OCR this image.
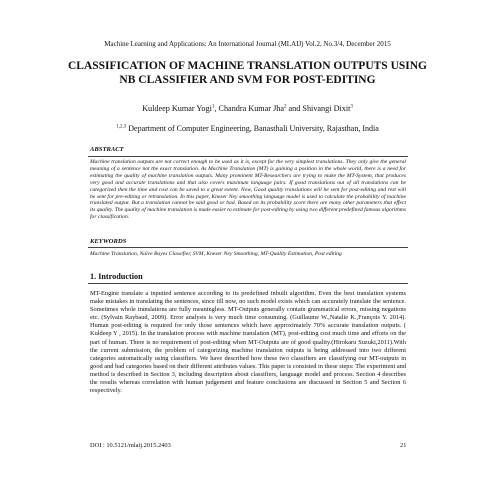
Machine Learning and Applications: An International Journal (MLAIJ) Vol.2, No.3/4, December 2015
CLASSIFICATION OF MACHINE TRANSLATION OUTPUTS USING NB CLASSIFIER AND SVM FOR POST-EDITING
Kuldeep Kumar Yogi$^1$, Chandra Kumar Jha$^2$ and Shivangi Dixit$^3$
$^{1,2,3}$ Department of Computer Engineering, Banasthali University, Rajasthan, India
ABSTRACT
Machine translation outputs are not correct enough to be used as it is, except for the very simplest translations. They only give the general meaning of a sentence not the exact translation. As Machine Translation (MT) is gaining a position in the whole world, there is a need for estimating the quality of machine translation outputs. Many prominent MT-Researchers are trying to make the MT-System, that produces very good and accurate translations and that also covers maximum language pairs. If good translations out of all translations can be categorized then the time and cost can be saved to a great extent. Now, Good quality translations will be sent for post-editing and rest will be sent for pre-editing or retranslation. In this paper, Kneser Ney smoothing language model is used to calculate the probability of machine translated output. But a translation cannot be said good or bad. Based on its probability score there are many other parameters that effect its quality. The quality of machine translation is made easier to estimate for post-editing by using two different predefined famous algorithms for classification.
KEYWORDS
Machine Translation, Naïve Bayes Classifier, SVM, Kneser Ney Smoothing, MT-Quality Estimation, Post editing
1. Introduction
MT-Engine translate a inputted sentence according to its predefined inbuilt algorithm. Even the best translation systems make mistakes in translating the sentences, since till now, no such model exists which can accurately translate the sentence. Sometimes whole translations are fully meaningless. MT-Outputs generally contain grammatical errors, missing negations etc. (Sylvain Raybaud, 2009). Error analysis is very much time consuming. (Guillaume W.,Natalie K.,François Y. 2014). Human post-editing is required for only those sentences which have approximately 70% accurate translation outputs. ( Kuldeep Y , 2015). In the translation process with machine translation (MT), post-editing cost much time and efforts on the part of human. There is no requirement of post-editing when MT-Outputs are of good quality.(Hirokaru Suzuki,2011).With the current submission, the problem of categorizing machine translation outputs is being addressed into two different categories automatically using classifiers. We have described how these two classifiers are classifying our MT-outputs in good and bad categories based on their different attributes values. This paper is consisted in these steps: The experiment and method is described in Section 3, including description about classifiers, language model and process. Section 4 describes the results whereas correlation with human judgement and feature conclusions are discussed in Section 5 and Section 6 respectively.
DOI : 10.5121/mlaij.2015.2403	21
